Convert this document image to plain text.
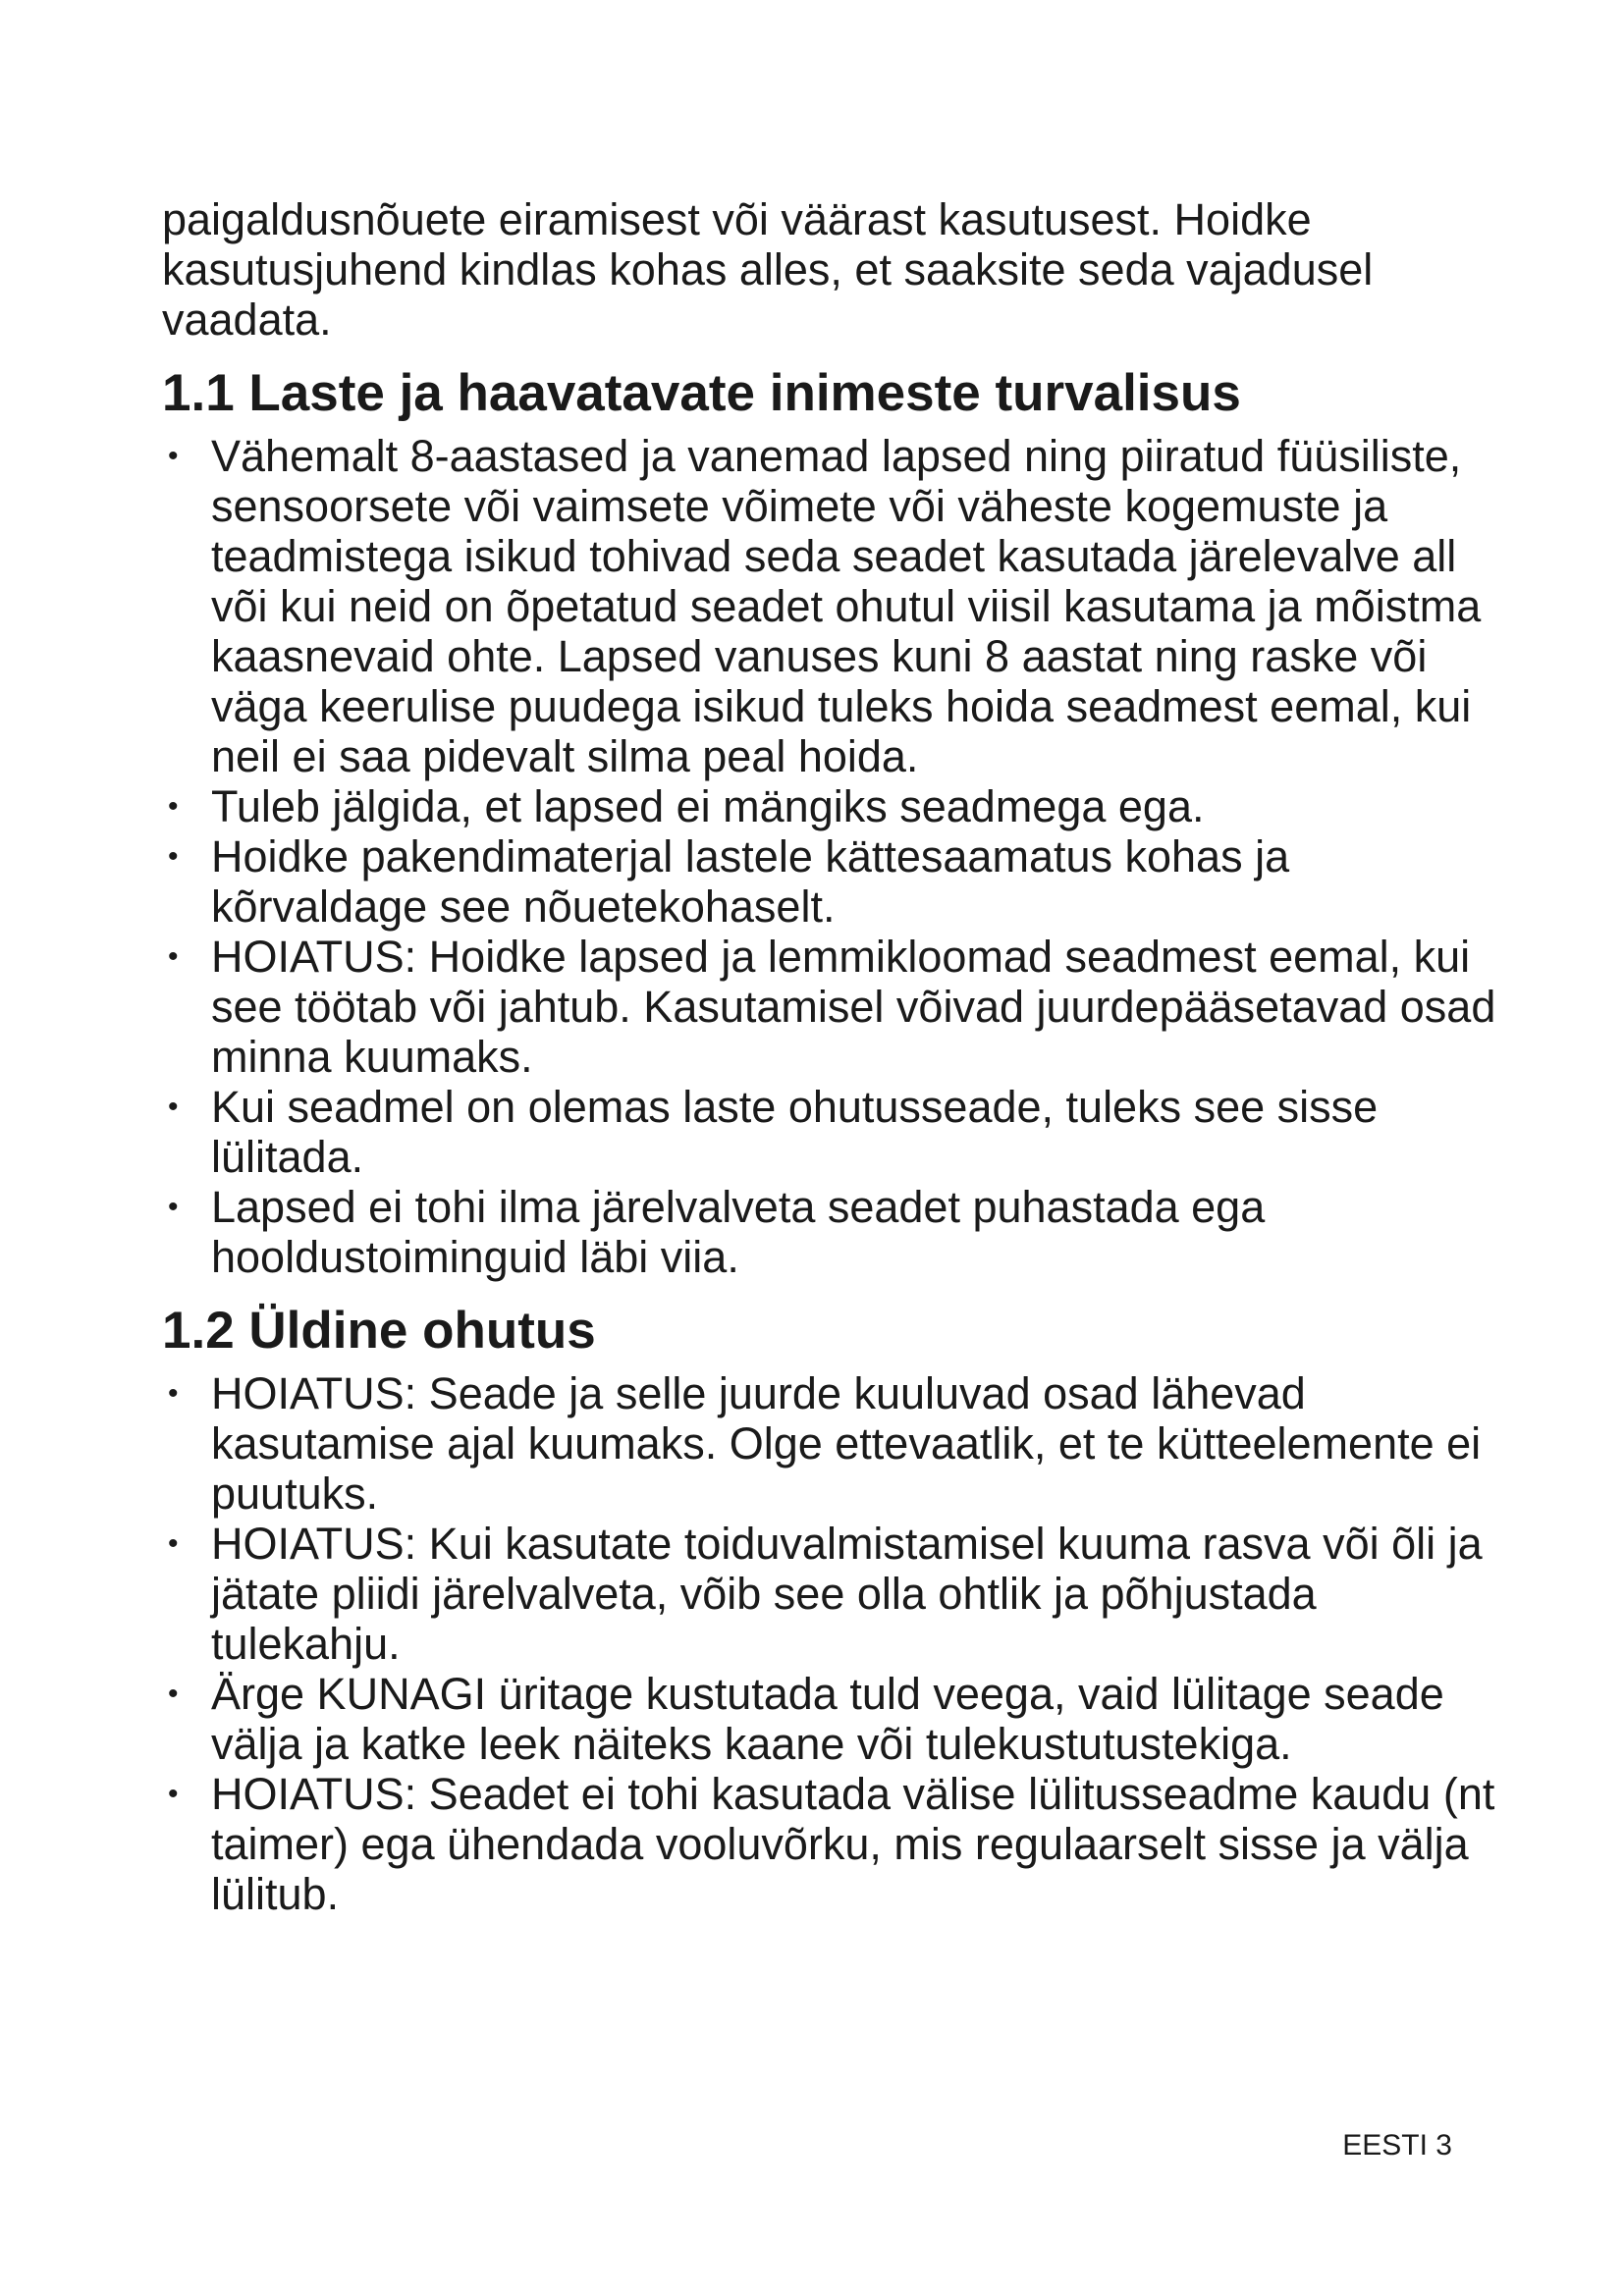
paigaldusnõuete eiramisest või väärast kasutusest. Hoidke kasutusjuhend kindlas kohas alles, et saaksite seda vajadusel vaadata.

1.1 Laste ja haavatavate inimeste turvalisus
• Vähemalt 8-aastased ja vanemad lapsed ning piiratud füüsiliste, sensoorsete või vaimsete võimete või väheste kogemuste ja teadmistega isikud tohivad seda seadet kasutada järelevalve all või kui neid on õpetatud seadet ohutul viisil kasutama ja mõistma kaasnevaid ohte. Lapsed vanuses kuni 8 aastat ning raske või väga keerulise puudega isikud tuleks hoida seadmest eemal, kui neil ei saa pidevalt silma peal hoida.
• Tuleb jälgida, et lapsed ei mängiks seadmega ega.
• Hoidke pakendimaterjal lastele kättesaamatus kohas ja kõrvaldage see nõuetekohaselt.
• HOIATUS: Hoidke lapsed ja lemmikloomad seadmest eemal, kui see töötab või jahtub. Kasutamisel võivad juurdepääsetavad osad minna kuumaks.
• Kui seadmel on olemas laste ohutusseade, tuleks see sisse lülitada.
• Lapsed ei tohi ilma järelvalveta seadet puhastada ega hooldustoiminguid läbi viia.
1.2 Üldine ohutus
• HOIATUS: Seade ja selle juurde kuuluvad osad lähevad kasutamise ajal kuumaks. Olge ettevaatlik, et te kütteelemente ei puutuks.
• HOIATUS: Kui kasutate toiduvalmistamisel kuuma rasva või õli ja jätate pliidi järelvalveta, võib see olla ohtlik ja põhjustada tulekahju.
• Ärge KUNAGI üritage kustutada tuld veega, vaid lülitage seade välja ja katke leek näiteks kaane või tulekustutustekiga.
• HOIATUS: Seadet ei tohi kasutada välise lülitusseadme kaudu (nt taimer) ega ühendada vooluvõrku, mis regulaarselt sisse ja välja lülitub.
EESTI 3
